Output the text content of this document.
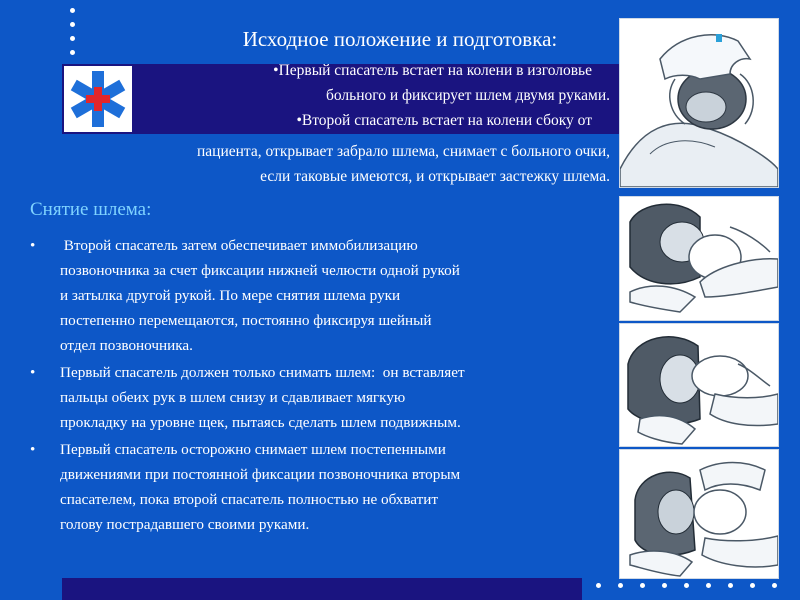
Исходное положение и подготовка:
•Первый спасатель встает на колени в изголовье
больного и фиксирует шлем двумя руками.
•Второй спасатель встает на колени сбоку от
пациента, открывает забрало шлема, снимает с больного очки,
если таковые имеются, и открывает застежку шлема.
Снятие шлема:
• Второй спасатель затем обеспечивает иммобилизацию
позвоночника за счет фиксации нижней челюсти одной рукой
и затылка другой рукой. По мере снятия шлема руки
постепенно перемещаются, постоянно фиксируя шейный
отдел позвоночника.
• Первый спасатель должен только снимать шлем:  он вставляет
пальцы обеих рук в шлем снизу и сдавливает мягкую
прокладку на уровне щек, пытаясь сделать шлем подвижным.
• Первый спасатель осторожно снимает шлем постепенными
движениями при постоянной фиксации позвоночника вторым
спасателем, пока второй спасатель полностью не обхватит
голову пострадавшего своими руками.
